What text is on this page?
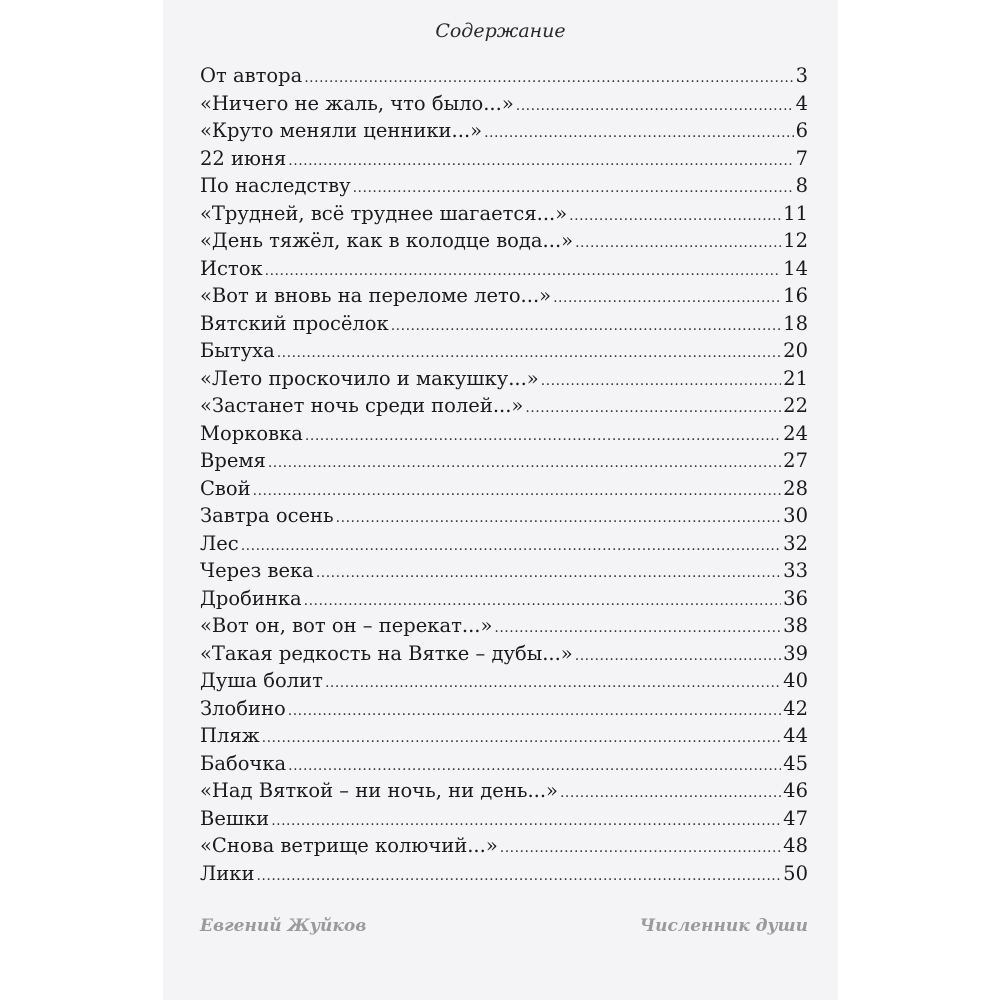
Содержание
От автора .....	3
«Ничего не жаль, что было...» .....	4
«Круто меняли ценники...» .....	6
22 июня .....	7
По наследству .....	8
«Трудней, всё труднее шагается...» .....	11
«День тяжёл, как в колодце вода...» .....	12
Исток .....	14
«Вот и вновь на переломе лето...» .....	16
Вятский просёлок .....	18
Бытуха .....	20
«Лето проскочило и макушку...» .....	21
«Застанет ночь среди полей...» .....	22
Морковка .....	24
Время .....	27
Свой .....	28
Завтра осень .....	30
Лес .....	32
Через века .....	33
Дробинка .....	36
«Вот он, вот он – перекат...» .....	38
«Такая редкость на Вятке – дубы...» .....	39
Душа болит .....	40
Злобино .....	42
Пляж .....	44
Бабочка .....	45
«Над Вяткой – ни ночь, ни день...» .....	46
Вешки .....	47
«Снова ветрище колючий...» .....	48
Лики .....	50
Евгений Жуйков	Численник души
